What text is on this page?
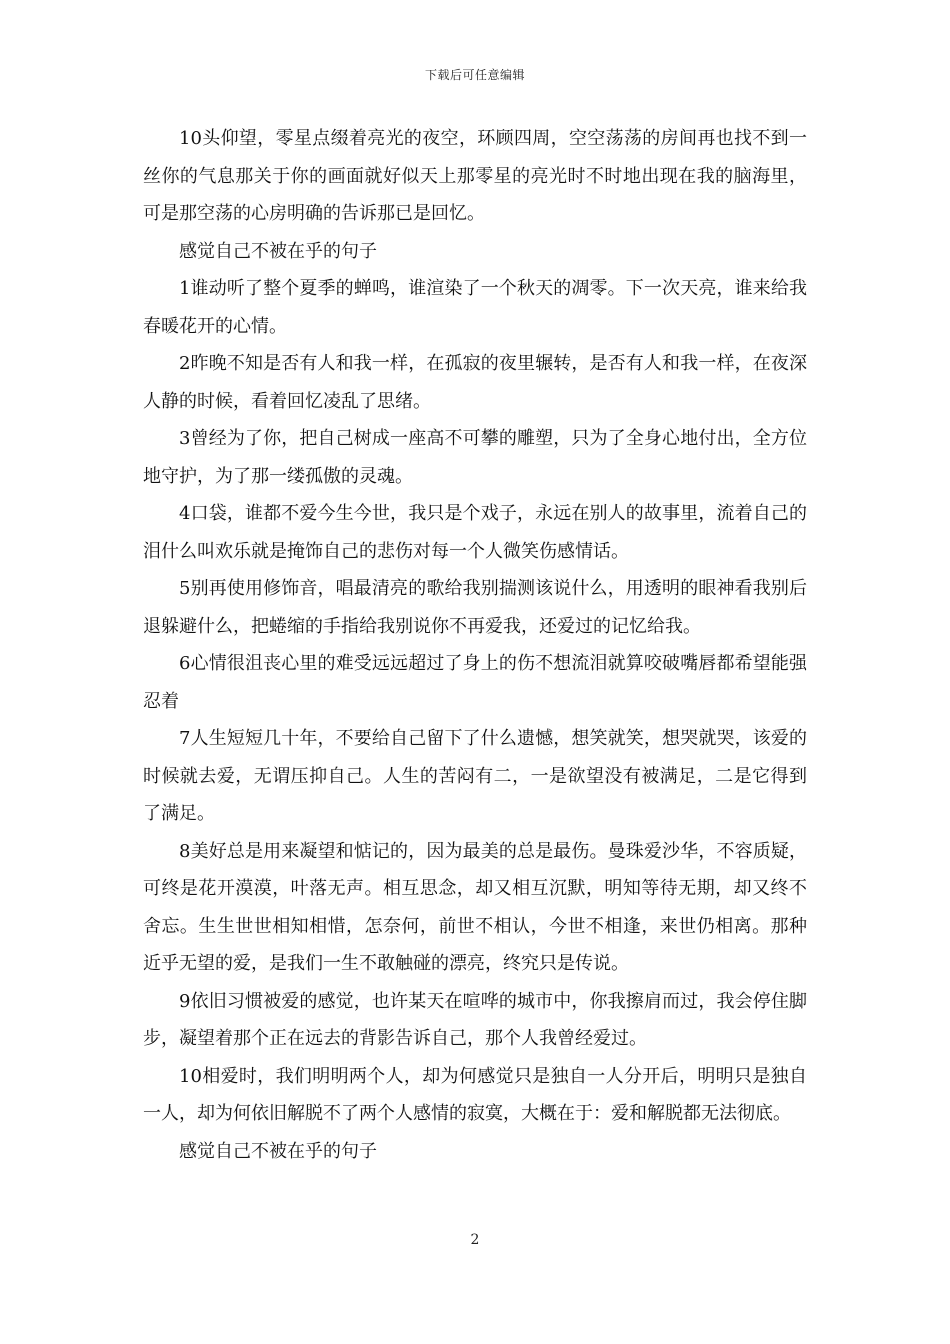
下载后可任意编辑

10头仰望，零星点缀着亮光的夜空，环顾四周，空空荡荡的房间再也找不到一丝你的气息那关于你的画面就好似天上那零星的亮光时不时地出现在我的脑海里，可是那空荡的心房明确的告诉那已是回忆。

感觉自己不被在乎的句子

1谁动听了整个夏季的蝉鸣，谁渲染了一个秋天的凋零。下一次天亮，谁来给我春暖花开的心情。

2昨晚不知是否有人和我一样，在孤寂的夜里辗转，是否有人和我一样，在夜深人静的时候，看着回忆凌乱了思绪。

3曾经为了你，把自己树成一座高不可攀的雕塑，只为了全身心地付出，全方位地守护，为了那一缕孤傲的灵魂。

4口袋，谁都不爱今生今世，我只是个戏子，永远在别人的故事里，流着自己的泪什么叫欢乐就是掩饰自己的悲伤对每一个人微笑伤感情话。

5别再使用修饰音，唱最清亮的歌给我别揣测该说什么，用透明的眼神看我别后退躲避什么，把蜷缩的手指给我别说你不再爱我，还爱过的记忆给我。

6心情很沮丧心里的难受远远超过了身上的伤不想流泪就算咬破嘴唇都希望能强忍着

7人生短短几十年，不要给自己留下了什么遗憾，想笑就笑，想哭就哭，该爱的时候就去爱，无谓压抑自己。人生的苦闷有二，一是欲望没有被满足，二是它得到了满足。

8美好总是用来凝望和惦记的，因为最美的总是最伤。曼珠爱沙华，不容质疑，可终是花开漠漠，叶落无声。相互思念，却又相互沉默，明知等待无期，却又终不舍忘。生生世世相知相惜，怎奈何，前世不相认，今世不相逢，来世仍相离。那种近乎无望的爱，是我们一生不敢触碰的漂亮，终究只是传说。

9依旧习惯被爱的感觉，也许某天在喧哗的城市中，你我擦肩而过，我会停住脚步，凝望着那个正在远去的背影告诉自己，那个人我曾经爱过。

10相爱时，我们明明两个人，却为何感觉只是独自一人分开后，明明只是独自一人，却为何依旧解脱不了两个人感情的寂寞，大概在于：爱和解脱都无法彻底。

感觉自己不被在乎的句子

2
